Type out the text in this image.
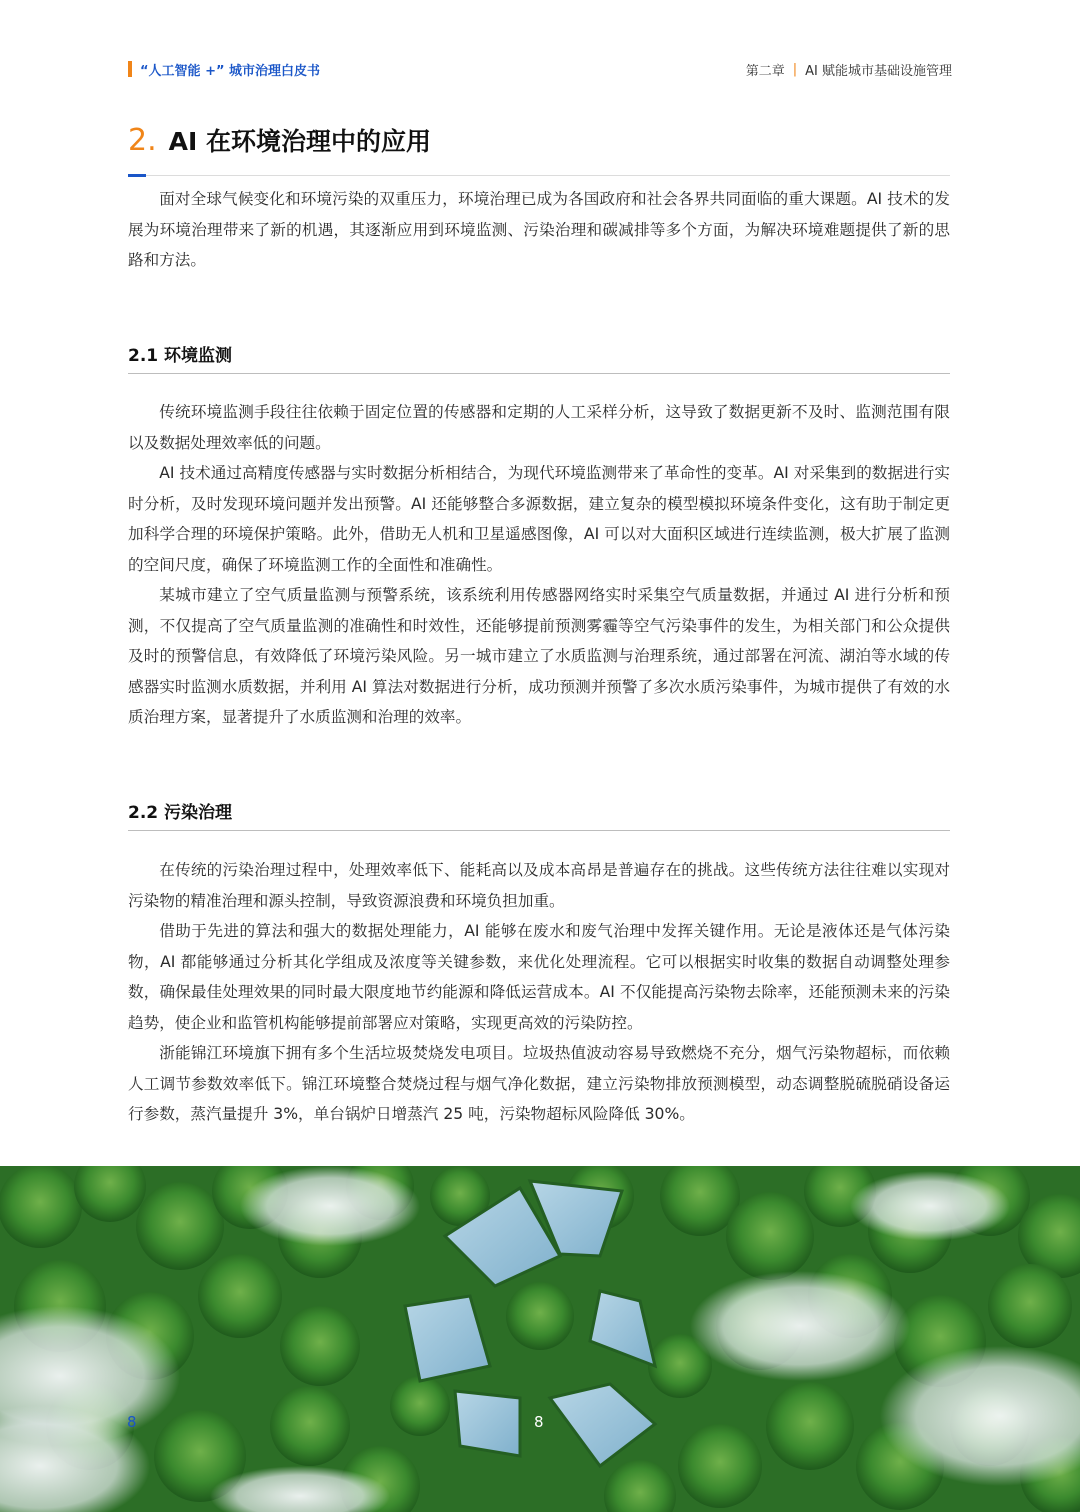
“人工智能 +” 城市治理白皮书	第二章 | AI 赋能城市基础设施管理
2. AI 在环境治理中的应用

面对全球气候变化和环境污染的双重压力，环境治理已成为各国政府和社会各界共同面临的重大课题。AI 技术的发展为环境治理带来了新的机遇，其逐渐应用到环境监测、污染治理和碳减排等多个方面，为解决环境难题提供了新的思路和方法。

2.1 环境监测

传统环境监测手段往往依赖于固定位置的传感器和定期的人工采样分析，这导致了数据更新不及时、监测范围有限以及数据处理效率低的问题。

AI 技术通过高精度传感器与实时数据分析相结合，为现代环境监测带来了革命性的变革。AI 对采集到的数据进行实时分析，及时发现环境问题并发出预警。AI 还能够整合多源数据，建立复杂的模型模拟环境条件变化，这有助于制定更加科学合理的环境保护策略。此外，借助无人机和卫星遥感图像，AI 可以对大面积区域进行连续监测，极大扩展了监测的空间尺度，确保了环境监测工作的全面性和准确性。

某城市建立了空气质量监测与预警系统，该系统利用传感器网络实时采集空气质量数据，并通过 AI 进行分析和预测，不仅提高了空气质量监测的准确性和时效性，还能够提前预测雾霾等空气污染事件的发生，为相关部门和公众提供及时的预警信息，有效降低了环境污染风险。另一城市建立了水质监测与治理系统，通过部署在河流、湖泊等水域的传感器实时监测水质数据，并利用 AI 算法对数据进行分析，成功预测并预警了多次水质污染事件，为城市提供了有效的水质治理方案，显著提升了水质监测和治理的效率。

2.2 污染治理

在传统的污染治理过程中，处理效率低下、能耗高以及成本高昂是普遍存在的挑战。这些传统方法往往难以实现对污染物的精准治理和源头控制，导致资源浪费和环境负担加重。

借助于先进的算法和强大的数据处理能力，AI 能够在废水和废气治理中发挥关键作用。无论是液体还是气体污染物，AI 都能够通过分析其化学组成及浓度等关键参数，来优化处理流程。它可以根据实时收集的数据自动调整处理参数，确保最佳处理效果的同时最大限度地节约能源和降低运营成本。AI 不仅能提高污染物去除率，还能预测未来的污染趋势，使企业和监管机构能够提前部署应对策略，实现更高效的污染防控。

浙能锦江环境旗下拥有多个生活垃圾焚烧发电项目。垃圾热值波动容易导致燃烧不充分，烟气污染物超标，而依赖人工调节参数效率低下。锦江环境整合焚烧过程与烟气净化数据，建立污染物排放预测模型，动态调整脱硫脱硝设备运行参数，蒸汽量提升 3%，单台锅炉日增蒸汽 25 吨，污染物超标风险降低 30%。

8	8
